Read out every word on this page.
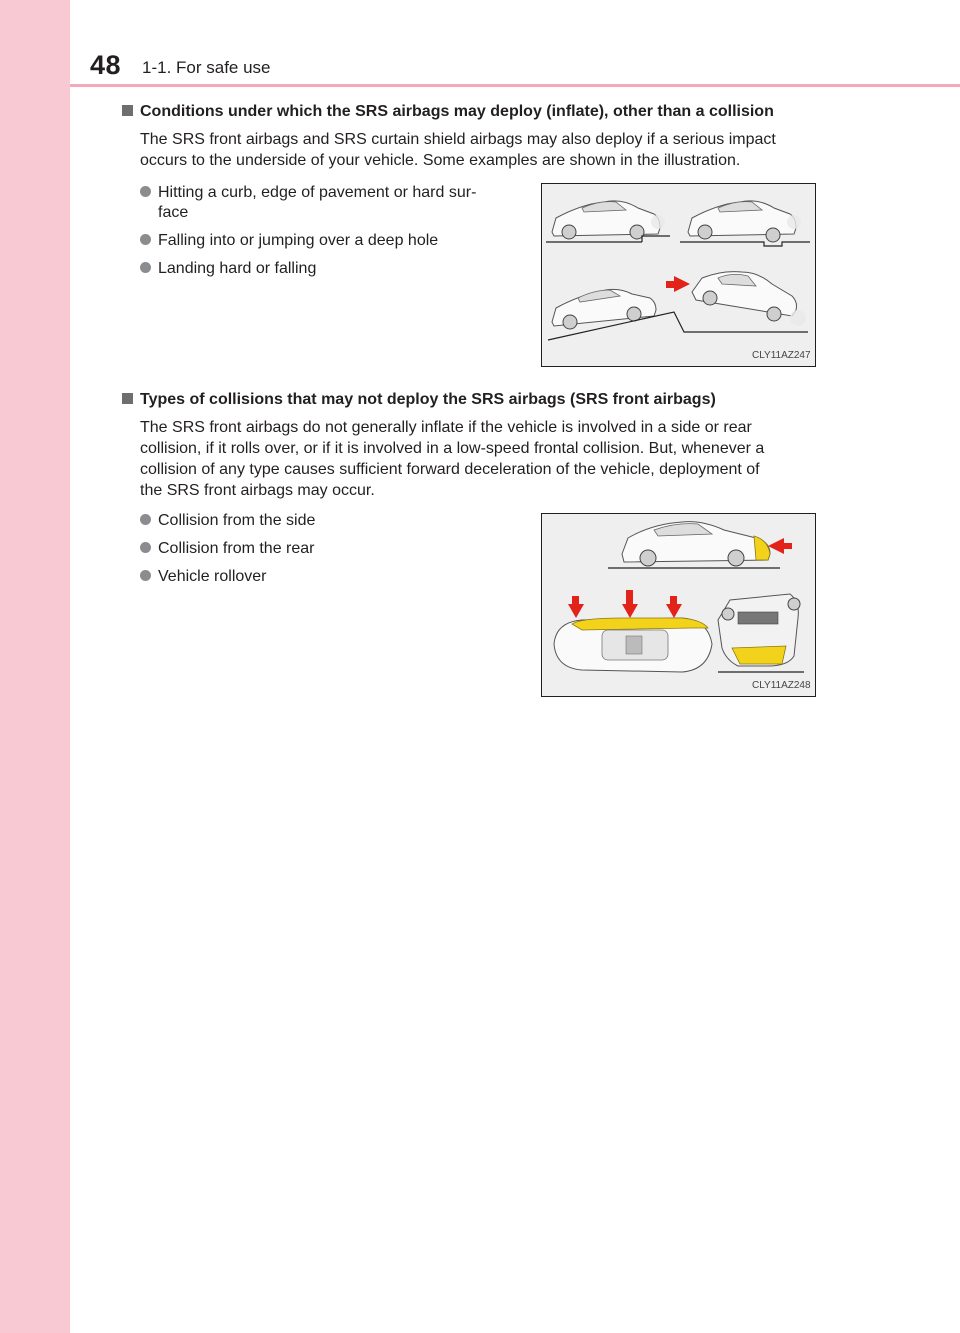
48 1-1. For safe use
Conditions under which the SRS airbags may deploy (inflate), other than a collision
The SRS front airbags and SRS curtain shield airbags may also deploy if a serious impact
occurs to the underside of your vehicle. Some examples are shown in the illustration.
Hitting a curb, edge of pavement or hard sur-
face
Falling into or jumping over a deep hole
Landing hard or falling
CLY11AZ247
Types of collisions that may not deploy the SRS airbags (SRS front airbags)
The SRS front airbags do not generally inflate if the vehicle is involved in a side or rear
collision, if it rolls over, or if it is involved in a low-speed frontal collision. But, whenever a
collision of any type causes sufficient forward deceleration of the vehicle, deployment of
the SRS front airbags may occur.
Collision from the side
Collision from the rear
Vehicle rollover
CLY11AZ248
